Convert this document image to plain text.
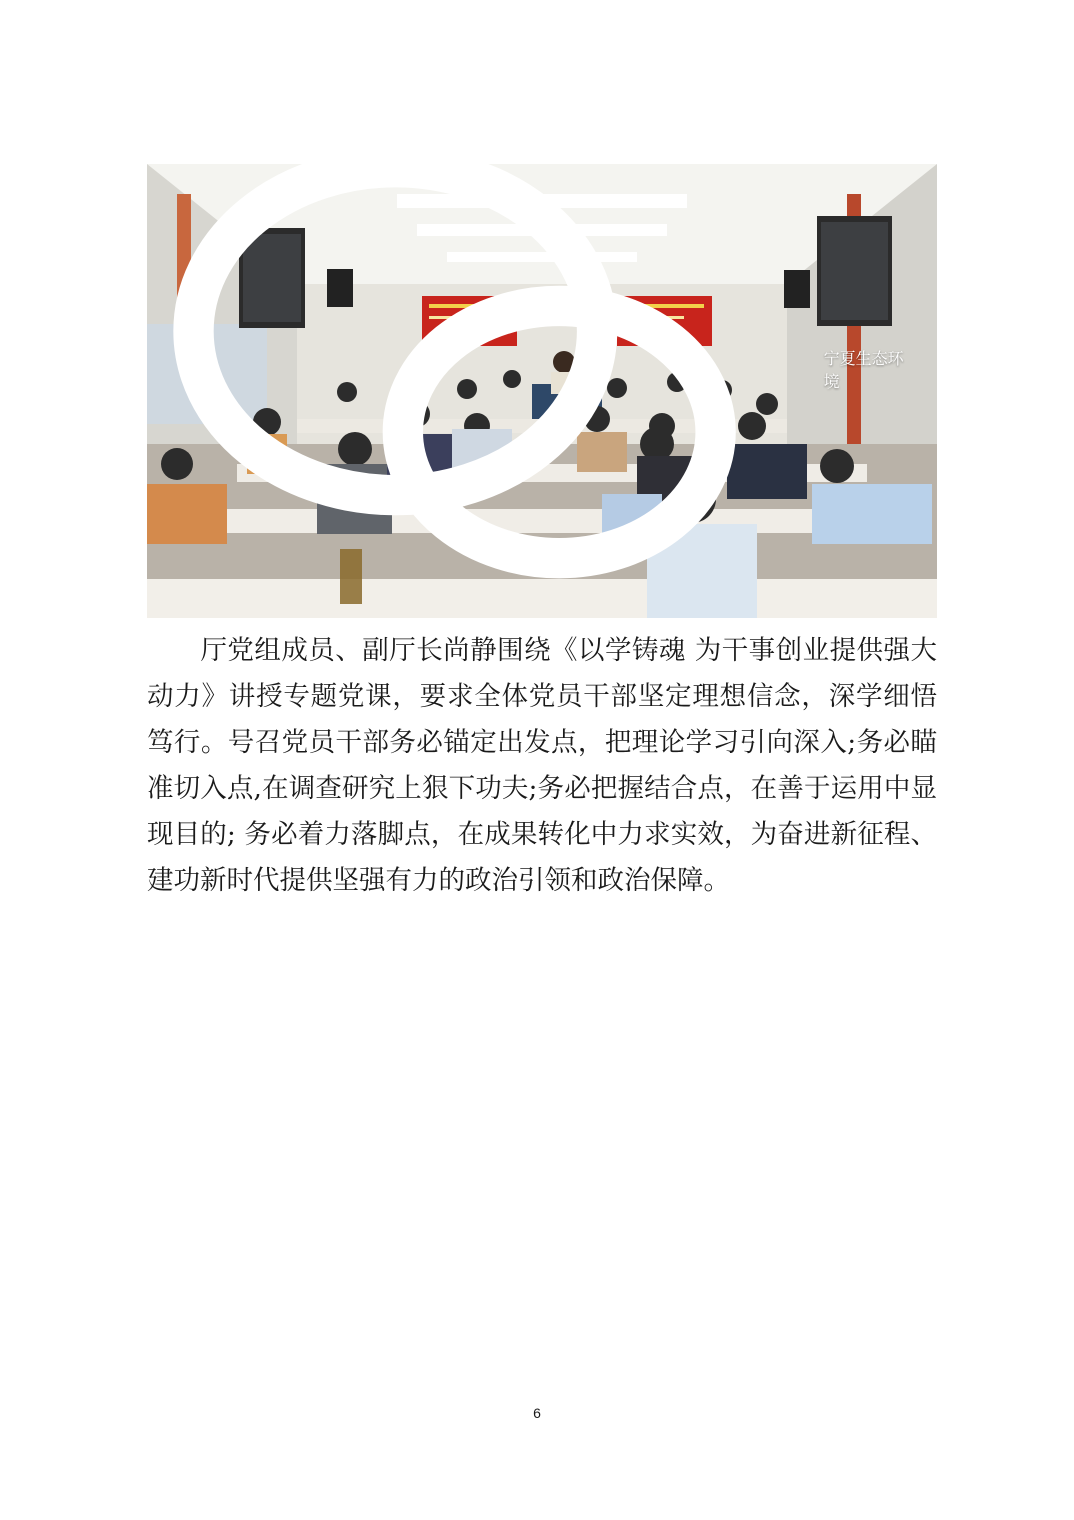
宁夏生态环境

厅党组成员、副厅长尚静围绕《以学铸魂 为干事创业提供强大动力》讲授专题党课，要求全体党员干部坚定理想信念，深学细悟笃行。号召党员干部务必锚定出发点，把理论学习引向深入;务必瞄准切入点,在调查研究上狠下功夫;务必把握结合点，在善于运用中显现目的; 务必着力落脚点，在成果转化中力求实效，为奋进新征程、建功新时代提供坚强有力的政治引领和政治保障。

6
